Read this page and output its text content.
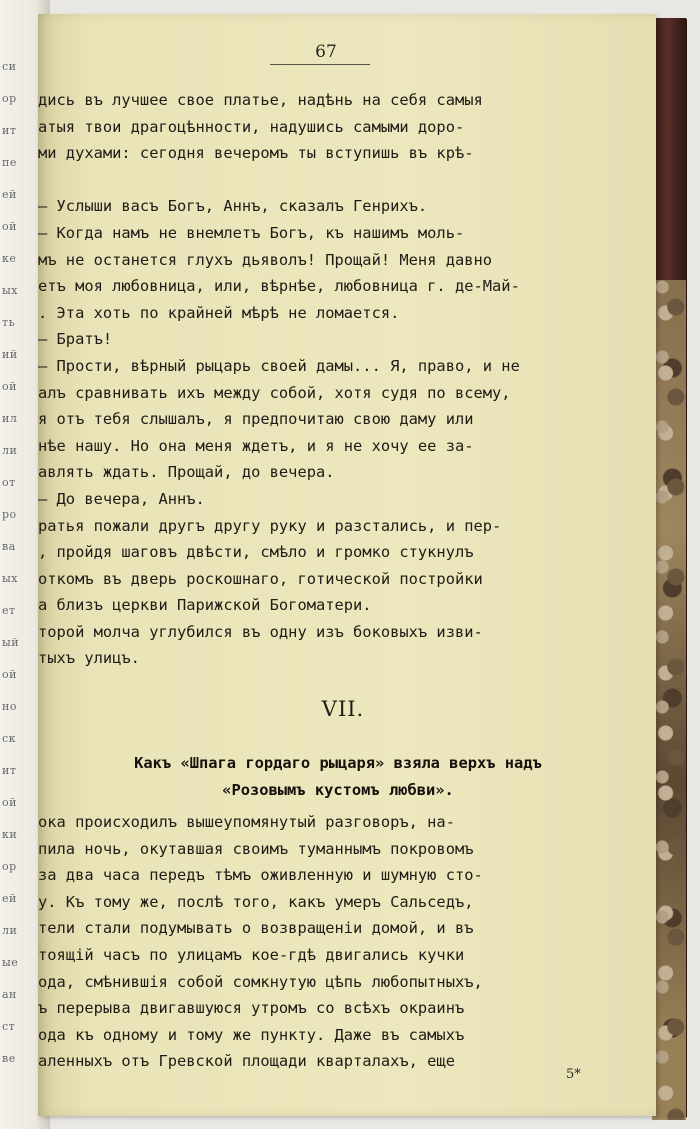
си
ор
ит
пе
ей
ой
ке
ых
ть
ий
ой
ил
ли
от
ро
ва
ых
ет
ый
ой
но
ск
ит
ой
ки
ор
ей
ли
ые
ан
ст
ве
67
дись въ лучшее свое платье, надѣнь на себя самыя
атыя твои драгоцѣнности, надушись самыми доро-
ми духами: сегодня вечеромъ ты вступишь въ крѣ-
– Услыши васъ Богъ, Аннъ, сказалъ Генрихъ.
– Когда намъ не внемлетъ Богъ, къ нашимъ моль-
мъ не останется глухъ дьяволъ! Прощай! Меня давно
етъ моя любовница, или, вѣрнѣе, любовница г. де-Май-
. Эта хоть по крайней мѣрѣ не ломается.
– Братъ!
– Прости, вѣрный рыцарь своей дамы... Я, право, и не
алъ сравнивать ихъ между собой, хотя судя по всему,
я отъ тебя слышалъ, я предпочитаю свою даму или
нѣе нашу. Но она меня ждетъ, и я не хочу ее за-
авлять ждать. Прощай, до вечера.
– До вечера, Аннъ.
ратья пожали другъ другу руку и разстались, и пер-
, пройдя шаговъ двѣсти, смѣло и громко стукнулъ
откомъ въ дверь роскошнаго, готической постройки
а близъ церкви Парижской Богоматери.
торой молча углубился въ одну изъ боковыхъ изви-
тыхъ улицъ.
VII.
Какъ «Шпага гордаго рыцаря» взяла верхъ надъ
«Розовымъ кустомъ любви».
ока происходилъ вышеупомянутый разговоръ, на-
пила ночь, окутавшая своимъ туманнымъ покровомъ
за два часа передъ тѣмъ оживленную и шумную сто-
у. Къ тому же, послѣ того, какъ умеръ Сальседъ,
тели стали подумывать о возвращеніи домой, и въ
тоящій часъ по улицамъ кое-гдѣ двигались кучки
ода, смѣнившія собой сомкнутую цѣпь любопытныхъ,
ъ перерыва двигавшуюся утромъ со всѣхъ окраинъ
ода къ одному и тому же пункту. Даже въ самыхъ
аленныхъ отъ Гревской площади кварталахъ, еще
5*
